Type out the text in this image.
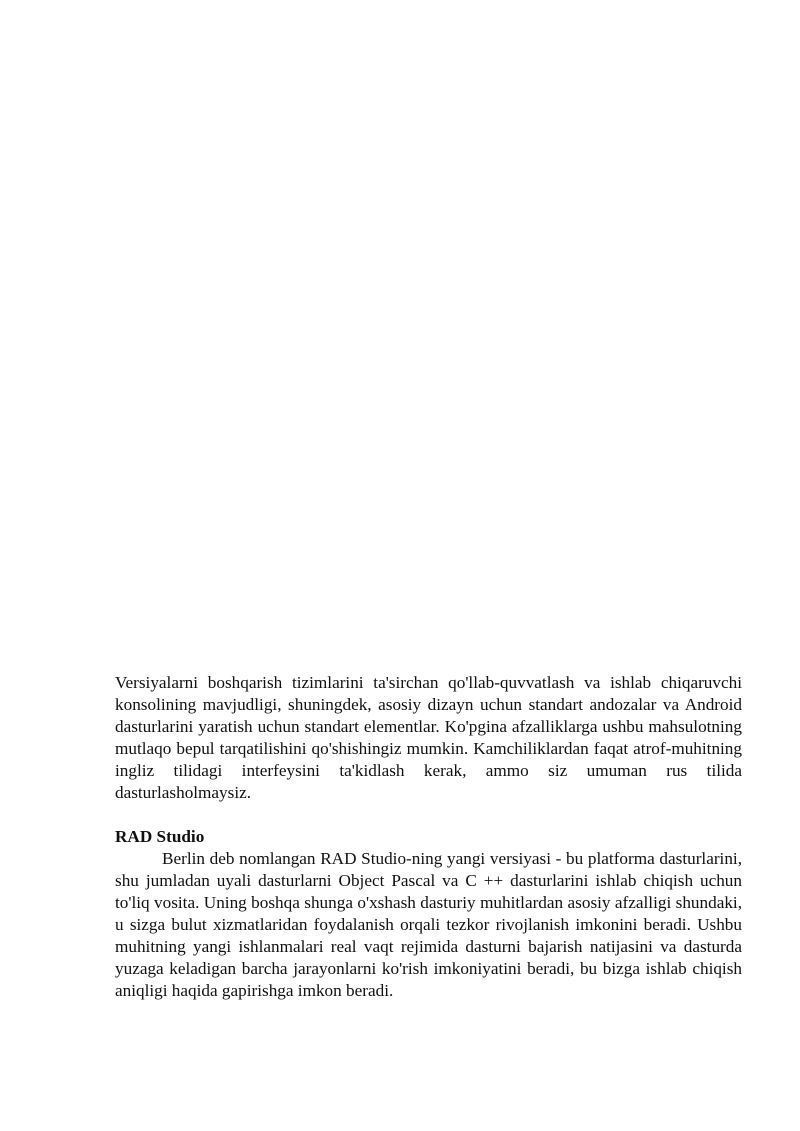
Versiyalarni boshqarish tizimlarini ta'sirchan qo'llab-quvvatlash va ishlab chiqaruvchi konsolining mavjudligi, shuningdek, asosiy dizayn uchun standart andozalar va Android dasturlarini yaratish uchun standart elementlar. Ko'pgina afzalliklarga ushbu mahsulotning mutlaqo bepul tarqatilishini qo'shishingiz mumkin. Kamchiliklardan faqat atrof-muhitning ingliz tilidagi interfeysini ta'kidlash kerak, ammo siz umuman rus tilida dasturlasholmaysiz.

RAD Studio

Berlin deb nomlangan RAD Studio-ning yangi versiyasi - bu platforma dasturlarini, shu jumladan uyali dasturlarni Object Pascal va C ++ dasturlarini ishlab chiqish uchun to'liq vosita. Uning boshqa shunga o'xshash dasturiy muhitlardan asosiy afzalligi shundaki, u sizga bulut xizmatlaridan foydalanish orqali tezkor rivojlanish imkonini beradi. Ushbu muhitning yangi ishlanmalari real vaqt rejimida dasturni bajarish natijasini va dasturda yuzaga keladigan barcha jarayonlarni ko'rish imkoniyatini beradi, bu bizga ishlab chiqish aniqligi haqida gapirishga imkon beradi.
